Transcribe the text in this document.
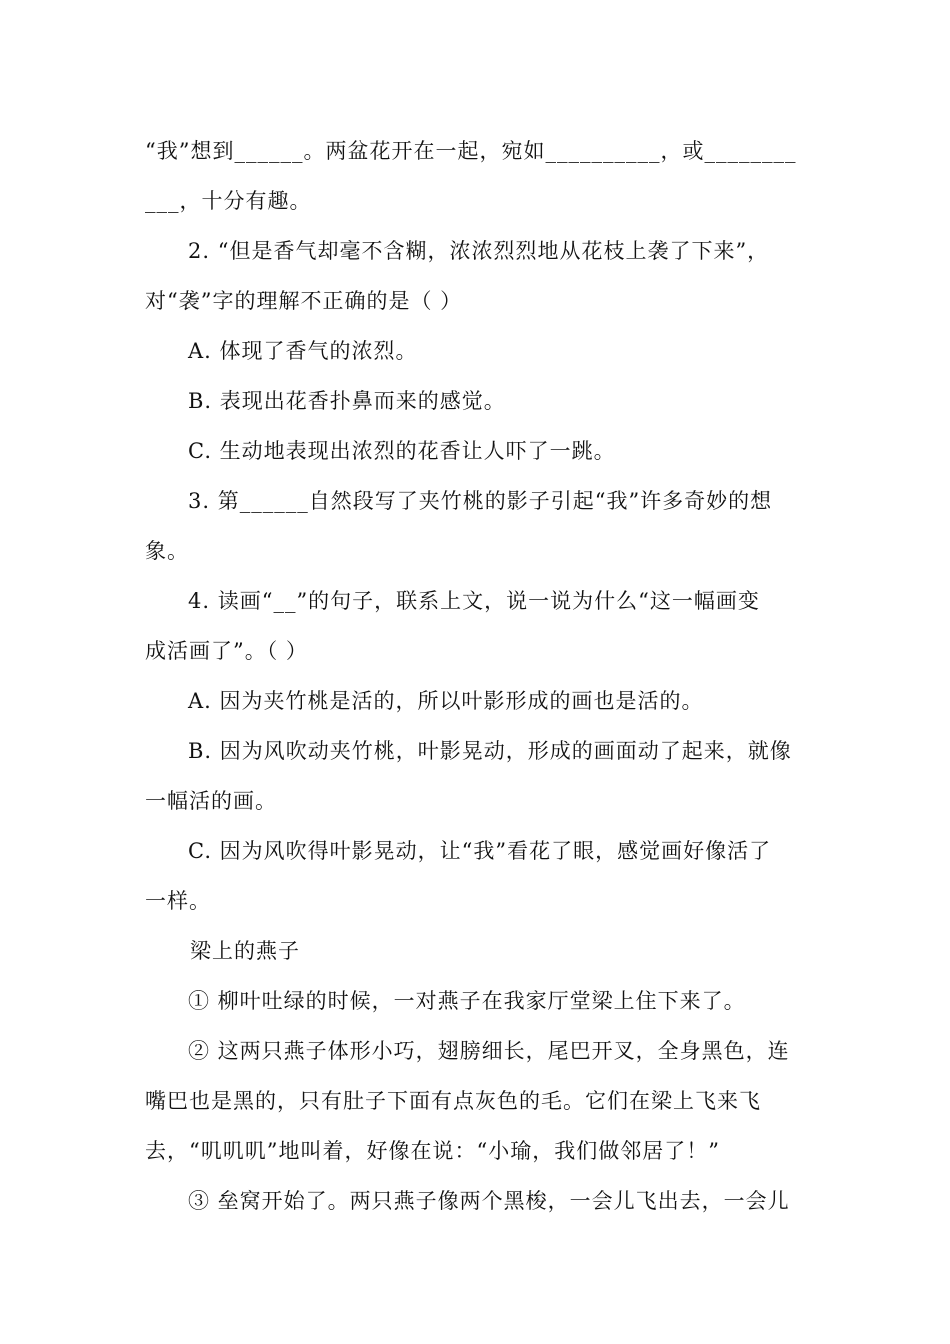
“我”想到______。两盆花开在一起，宛如__________，或________
___，十分有趣。
2. “但是香气却毫不含糊，浓浓烈烈地从花枝上袭了下来”，
对“袭”字的理解不正确的是（ ）
A. 体现了香气的浓烈。
B. 表现出花香扑鼻而来的感觉。
C. 生动地表现出浓烈的花香让人吓了一跳。
3. 第______自然段写了夹竹桃的影子引起“我”许多奇妙的想
象。
4. 读画“__”的句子，联系上文，说一说为什么“这一幅画变
成活画了”。（ ）
A. 因为夹竹桃是活的，所以叶影形成的画也是活的。
B. 因为风吹动夹竹桃，叶影晃动，形成的画面动了起来，就像
一幅活的画。
C. 因为风吹得叶影晃动，让“我”看花了眼，感觉画好像活了
一样。
梁上的燕子
① 柳叶吐绿的时候，一对燕子在我家厅堂梁上住下来了。
② 这两只燕子体形小巧，翅膀细长，尾巴开叉，全身黑色，连
嘴巴也是黑的，只有肚子下面有点灰色的毛。它们在梁上飞来飞
去，“叽叽叽”地叫着，好像在说：“小瑜，我们做邻居了！”
③ 垒窝开始了。两只燕子像两个黑梭，一会儿飞出去，一会儿
